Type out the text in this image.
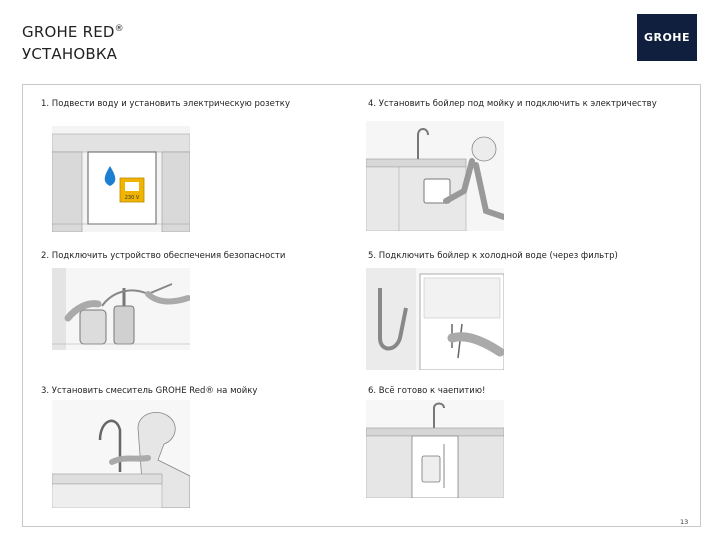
GROHE RED®
УСТАНОВКА
GROHE
1. Подвести воду и установить электрическую розетку
2. Подключить устройство обеспечения безопасности
3. Установить смеситель GROHE Red® на мойку
4. Установить бойлер под мойку и подключить к электричеству
5. Подключить бойлер к холодной воде (через фильтр)
6. Всё готово к чаепитию!
230 V
13
